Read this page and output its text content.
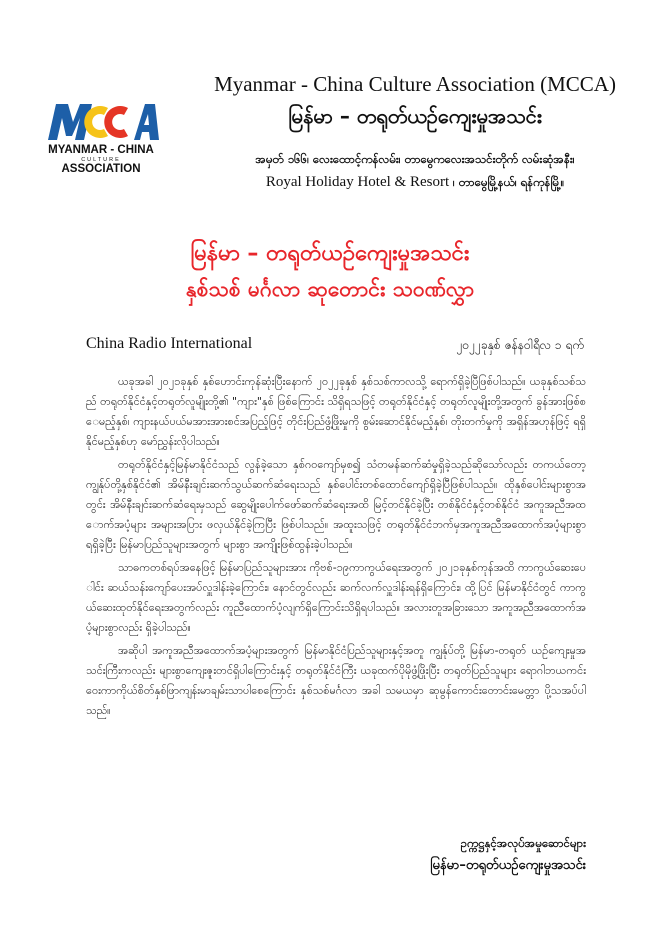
MYANMAR - CHINA
CULTURE
ASSOCIATION
Myanmar - China Culture Association (MCCA)
မြန်မာ – တရုတ်ယဉ်ကျေးမှုအသင်း
အမှတ် ၁၆၆၊ လေးထောင့်ကန်လမ်း၊ တာမွေကလေးအသင်းတိုက် လမ်းဆုံအနီး၊
Royal Holiday Hotel & Resort ၊ တာမွေမြို့နယ်၊ ရန်ကုန်မြို့။
မြန်မာ – တရုတ်ယဉ်ကျေးမှုအသင်း
နှစ်သစ် မင်္ဂလာ ဆုတောင်း သဝဏ်လွှာ
China Radio International	၂၀၂၂ခုနှစ် ဇန်နဝါရီလ ၁ ရက်

ယခုအခါ ၂၀၂၁ခုနှစ် နှစ်ဟောင်းကုန်ဆုံးပြီးနောက် ၂၀၂၂ခုနှစ် နှစ်သစ်ကာလသို့ ရောက်ရှိခဲ့ပြီဖြစ်ပါသည်။ ယခုနှစ်သစ်သည် တရုတ်နိုင်ငံနှင့်တရုတ်လူမျိုးတို့၏ "ကျား"နှစ် ဖြစ်ကြောင်း သိရှိရသဖြင့် တရုတ်နိုင်ငံနှင့် တရုတ်လူမျိုးတို့အတွက် ခွန်အားဖြစ်စေမည့်နှစ်၊ ကျားနယ်ပယ်မအားအားစင်အပြည့်ဖြင့် တိုင်းပြည်ဖွံ့ဖြိုးမှုကို စွမ်းဆောင်နိုင်မည့်နှစ်၊ တိုးတက်မှုကို အရှိန်အဟုန်ဖြင့် ရရှိနိုင်မည့်နှစ်ဟု မော်ညွှန်းလိုပါသည်။

တရုတ်နိုင်ငံနှင့်မြန်မာနိုင်ငံသည် လွန်ခဲ့သော နှစ်ဂဝကျော်မှစ၍ သံတမန်ဆက်ဆံမှုရှိခဲ့သည်ဆိုသော်လည်း တကယ်တော့ ကျွန်ုပ်တို့နှစ်နိုင်ငံ၏ အိမ်နီးချင်းဆက်သွယ်ဆက်ဆံရေးသည် နှစ်ပေါင်းတစ်ထောင်ကျော်ရှိခဲ့ပြီဖြစ်ပါသည်။ ထိုနှစ်ပေါင်းများစွာအတွင်း အိမ်နီးချင်းဆက်ဆံရေးမှသည် ဆွေမျိုးပေါက်ဖော်ဆက်ဆံရေးအထိ မြင့်တင်နိုင်ခဲ့ပြီး တစ်နိုင်ငံနှင့်တစ်နိုင်ငံ အကူအညီအထောက်အပံ့များ အများအပြား ဖလှယ်နိုင်ခဲ့ကြပြီး ဖြစ်ပါသည်။ အထူးသဖြင့် တရုတ်နိုင်ငံဘက်မှအကူအညီအထောက်အပံ့များစွာ ရရှိခဲ့ပြီး မြန်မာပြည်သူများအတွက် များစွာ အကျိုးဖြစ်ထွန်းခဲ့ပါသည်။

သာဓကတစ်ရပ်အနေဖြင့် မြန်မာပြည်သူများအား ကိုဗစ်-၁၉ကာကွယ်ရေးအတွက် ၂၀၂၁ခုနှစ်ကုန်အထိ ကာကွယ်ဆေးပေါင်း ဆယ်သန်းကျော်ပေးအပ်လှူဒါန်းခဲ့ကြောင်း၊ နောင်တွင်လည်း ဆက်လက်လှူဒါန်းရန်ရှိကြောင်း၊ ထို့ပြင် မြန်မာနိုင်ငံတွင် ကာကွယ်ဆေးထုတ်နိုင်ရေးအတွက်လည်း ကူညီထောက်ပံ့လျက်ရှိကြောင်းသိရှိရပါသည်။ အလားတူအခြားသော အကူအညီအထောက်အပံ့များစွာလည်း ရှိခဲ့ပါသည်။

အဆိုပါ အကူအညီအထောက်အပံ့များအတွက် မြန်မာနိုင်ငံပြည်သူများနှင့်အတူ ကျွန်ုပ်တို့ မြန်မာ-တရုတ် ယဉ်ကျေးမှုအသင်းကြီးကလည်း များစွာကျေးဇူးတင်ရှိပါကြောင်းနှင့် တရုတ်နိုင်ငံကြီး ယခုထက်ပိုမိုဖွံ့ဖြိုးပြီး တရုတ်ပြည်သူများ ရောဂါဘယကင်းဝေးကာကိုယ်စိတ်နှစ်ဖြာကျန်းမာချမ်းသာပါစေကြောင်း နှစ်သစ်မင်္ဂလာ အခါ သမယမှာ ဆုမွန်ကောင်းတောင်းမေတ္တာ ပို့သအပ်ပါသည်။

ဥက္ကဋ္ဌနှင့်အလုပ်အမှုဆောင်များ
မြန်မာ–တရုတ်ယဉ်ကျေးမှုအသင်း
